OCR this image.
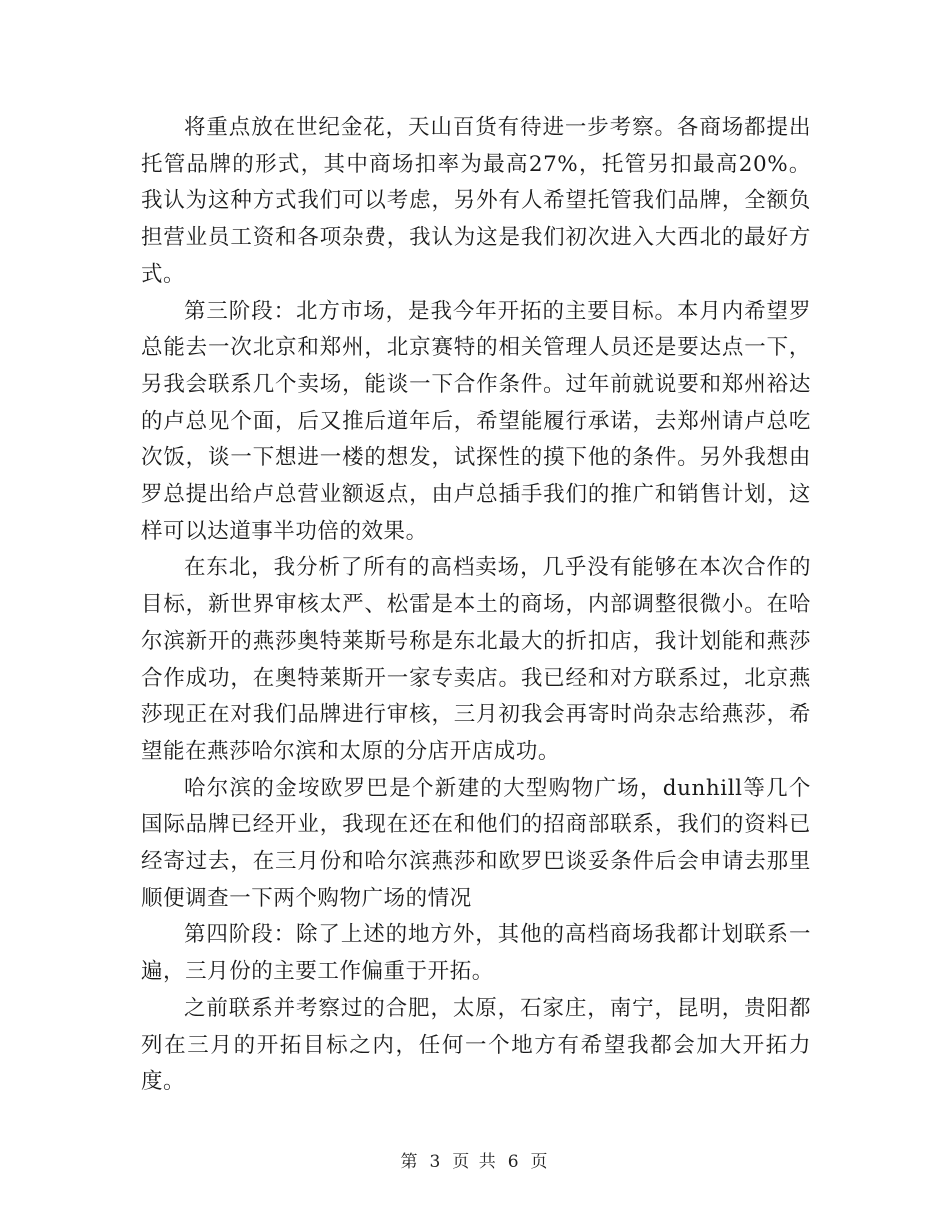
将重点放在世纪金花，天山百货有待进一步考察。各商场都提出托管品牌的形式，其中商场扣率为最高27%，托管另扣最高20%。我认为这种方式我们可以考虑，另外有人希望托管我们品牌，全额负担营业员工资和各项杂费，我认为这是我们初次进入大西北的最好方式。

第三阶段：北方市场，是我今年开拓的主要目标。本月内希望罗总能去一次北京和郑州，北京赛特的相关管理人员还是要达点一下，另我会联系几个卖场，能谈一下合作条件。过年前就说要和郑州裕达的卢总见个面，后又推后道年后，希望能履行承诺，去郑州请卢总吃次饭，谈一下想进一楼的想发，试探性的摸下他的条件。另外我想由罗总提出给卢总营业额返点，由卢总插手我们的推广和销售计划，这样可以达道事半功倍的效果。

在东北，我分析了所有的高档卖场，几乎没有能够在本次合作的目标，新世界审核太严、松雷是本土的商场，内部调整很微小。在哈尔滨新开的燕莎奥特莱斯号称是东北最大的折扣店，我计划能和燕莎合作成功，在奥特莱斯开一家专卖店。我已经和对方联系过，北京燕莎现正在对我们品牌进行审核，三月初我会再寄时尚杂志给燕莎，希望能在燕莎哈尔滨和太原的分店开店成功。

哈尔滨的金垵欧罗巴是个新建的大型购物广场，dunhill等几个国际品牌已经开业，我现在还在和他们的招商部联系，我们的资料已经寄过去，在三月份和哈尔滨燕莎和欧罗巴谈妥条件后会申请去那里顺便调查一下两个购物广场的情况

第四阶段：除了上述的地方外，其他的高档商场我都计划联系一遍，三月份的主要工作偏重于开拓。

之前联系并考察过的合肥，太原，石家庄，南宁，昆明，贵阳都列在三月的开拓目标之内，任何一个地方有希望我都会加大开拓力度。

第 3 页 共 6 页
